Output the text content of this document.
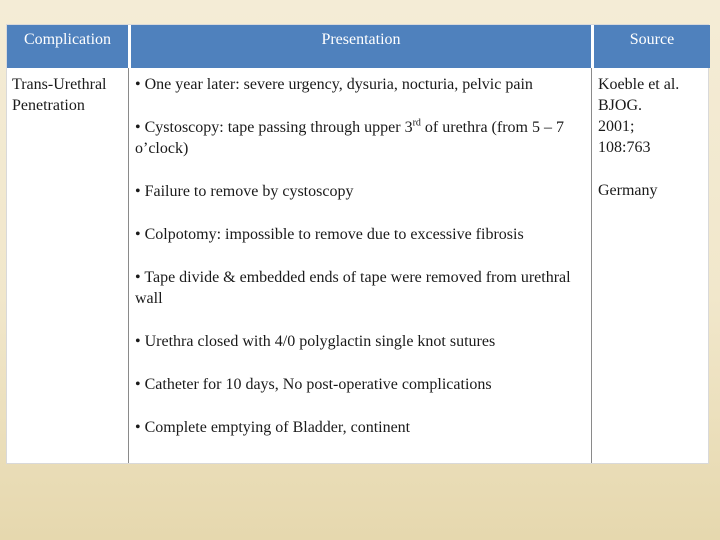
Complication	Presentation	Source
Trans-Urethral
Penetration
• One year later: severe urgency, dysuria, nocturia, pelvic pain
• Cystoscopy: tape passing through upper 3rd of urethra (from 5 – 7 o’clock)
• Failure to remove by cystoscopy
• Colpotomy: impossible to remove due to excessive fibrosis
• Tape divide & embedded ends of tape were removed from urethral wall
• Urethra closed with 4/0 polyglactin single knot sutures
• Catheter for 10 days, No post-operative complications
• Complete emptying of Bladder, continent
Koeble et al.
BJOG.
2001;
108:763
Germany
